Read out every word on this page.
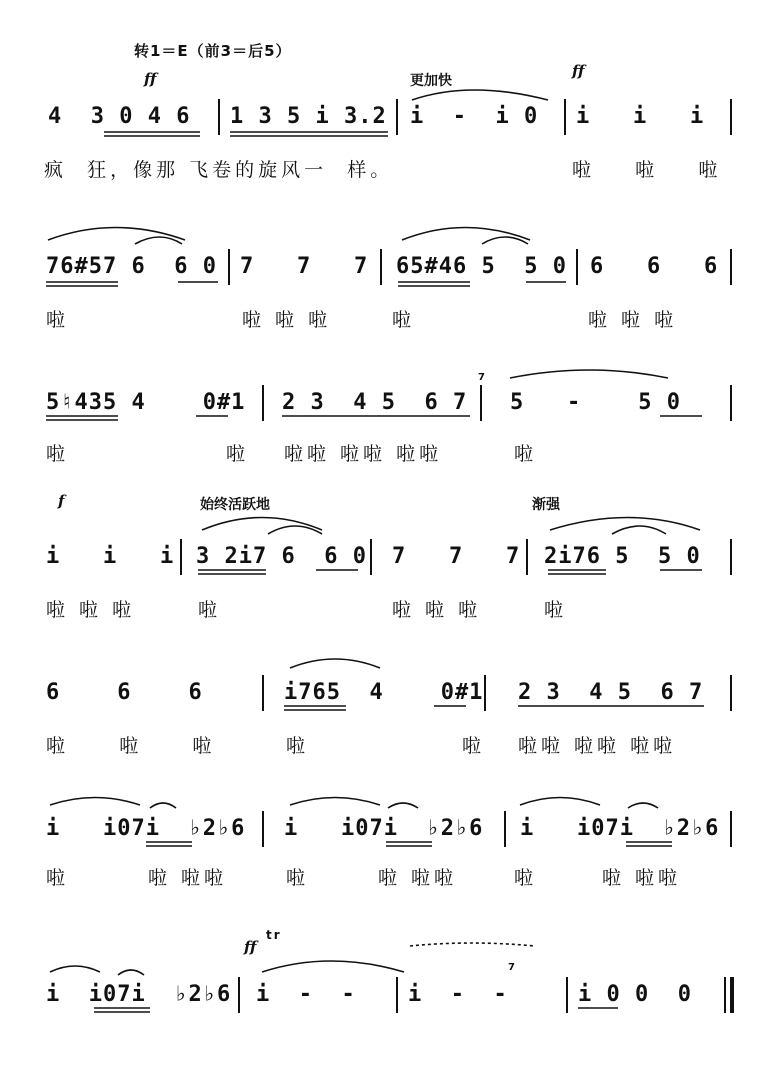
转1＝E（前3＝后5）
ff	更加快
ff
4  3 0 4 6 1 3 5 i 3.2 i  -  i 0 i   i   i
疯  狂，像那 飞卷的旋风一  样。	啦    啦    啦
76#57 6  6 0 7   7   7 65#46 5  5 0 6   6   6
啦	啦 啦 啦	啦	啦 啦 啦
5♮435 4    0#1 2 3  4 5  6 7 5   -    5 0
7
啦	啦 啦啦 啦啦 啦啦	啦
f	始终活跃地	渐强
i   i   i 3 2i7 6  6 0 7   7   7 2i76 5  5 0
啦 啦 啦	啦	啦 啦 啦	啦
6    6    6	i765  4    0#1 2 3  4 5  6 7
啦     啦     啦	啦	啦 啦啦 啦啦 啦啦
i   i07i  ♭2♭6 i   i07i  ♭2♭6 i   i07i  ♭2♭6
啦	啦 啦啦	啦	啦 啦啦	啦	啦 啦啦
ff
tr
7
i  i07i  ♭2♭6 i  -  - i  -  -	i 0 0  0
